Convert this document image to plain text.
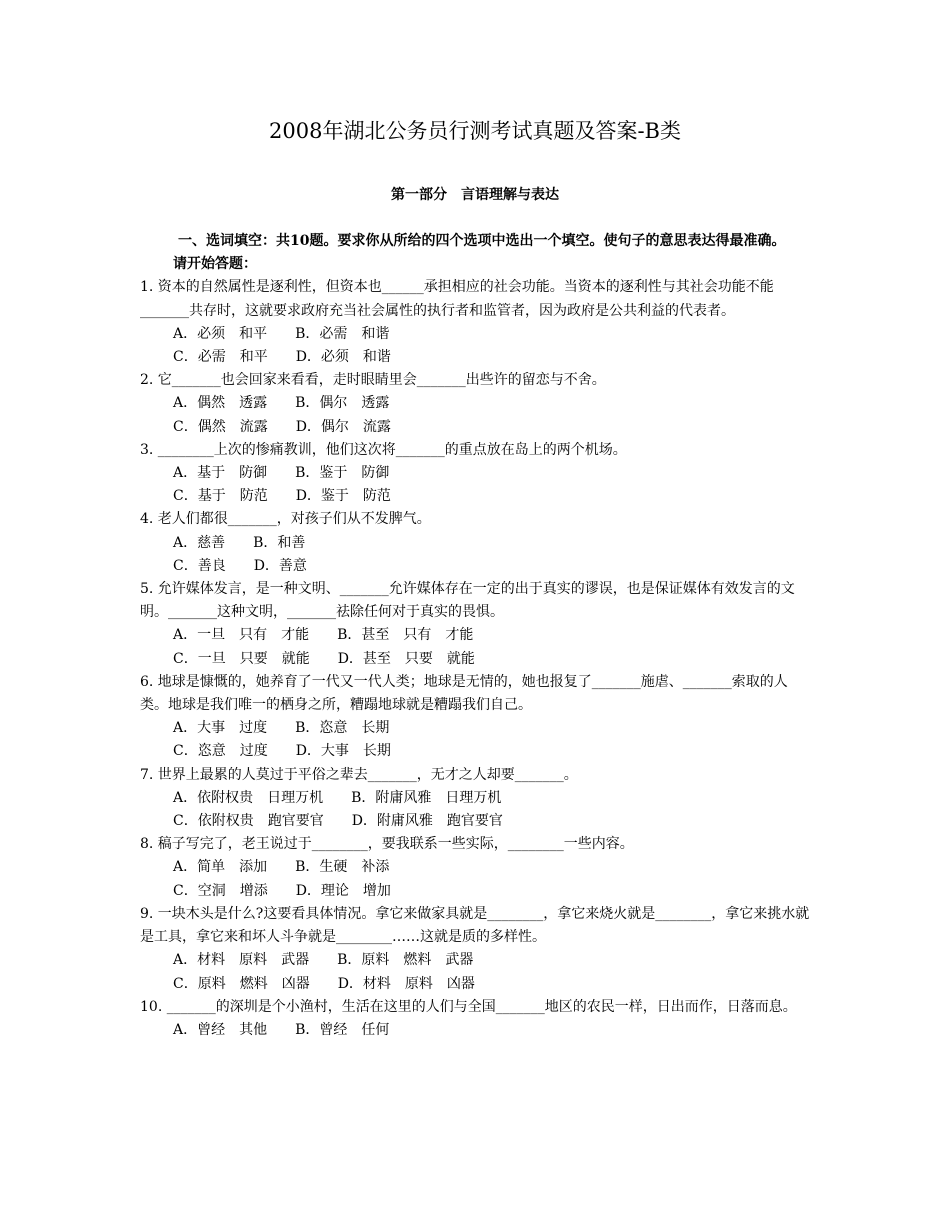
2008年湖北公务员行测考试真题及答案-B类
第一部分　言语理解与表达

一、选词填空：共10题。要求你从所给的四个选项中选出一个填空。使句子的意思表达得最准确。

请开始答题：

1. 资本的自然属性是逐利性，但资本也______承担相应的社会功能。当资本的逐利性与其社会功能不能_______共存时，这就要求政府充当社会属性的执行者和监管者，因为政府是公共利益的代表者。

A．必须　和平　　B．必需　和谐

C．必需　和平　　D．必须　和谐

2. 它_______也会回家来看看，走时眼睛里会_______出些许的留恋与不舍。

A．偶然　透露　　B．偶尔　透露

C．偶然　流露　　D．偶尔　流露

3. ________上次的惨痛教训，他们这次将_______的重点放在岛上的两个机场。

A．基于　防御　　B．鉴于　防御

C．基于　防范　　D．鉴于　防范

4. 老人们都很_______，对孩子们从不发脾气。

A．慈善　　B．和善

C．善良　　D．善意

5. 允许媒体发言，是一种文明、_______允许媒体存在一定的出于真实的谬误，也是保证媒体有效发言的文明。_______这种文明，_______祛除任何对于真实的畏惧。

A．一旦　只有　才能　　B．甚至　只有　才能

C．一旦　只要　就能　　D．甚至　只要　就能

6. 地球是慷慨的，她养育了一代又一代人类；地球是无情的，她也报复了_______施虐、_______索取的人类。地球是我们唯一的栖身之所，糟蹋地球就是糟蹋我们自己。

A．大事　过度　　B．恣意　长期

C．恣意　过度　　D．大事　长期

7. 世界上最累的人莫过于平俗之辈去_______，无才之人却要_______。

A．依附权贵　日理万机　　B．附庸风雅　日理万机

C．依附权贵　跑官要官　　D．附庸风雅　跑官要官

8. 稿子写完了，老王说过于________，要我联系一些实际，________一些内容。

A．简单　添加　　B．生硬　补添

C．空洞　增添　　D．理论　增加

9. 一块木头是什么?这要看具体情况。拿它来做家具就是________，拿它来烧火就是________，拿它来挑水就是工具，拿它来和坏人斗争就是________……这就是质的多样性。

A．材料　原料　武器　　B．原料　燃料　武器

C．原料　燃料　凶器　　D．材料　原料　凶器

10. _______的深圳是个小渔村，生活在这里的人们与全国_______地区的农民一样，日出而作，日落而息。

A．曾经　其他　　B．曾经　任何
